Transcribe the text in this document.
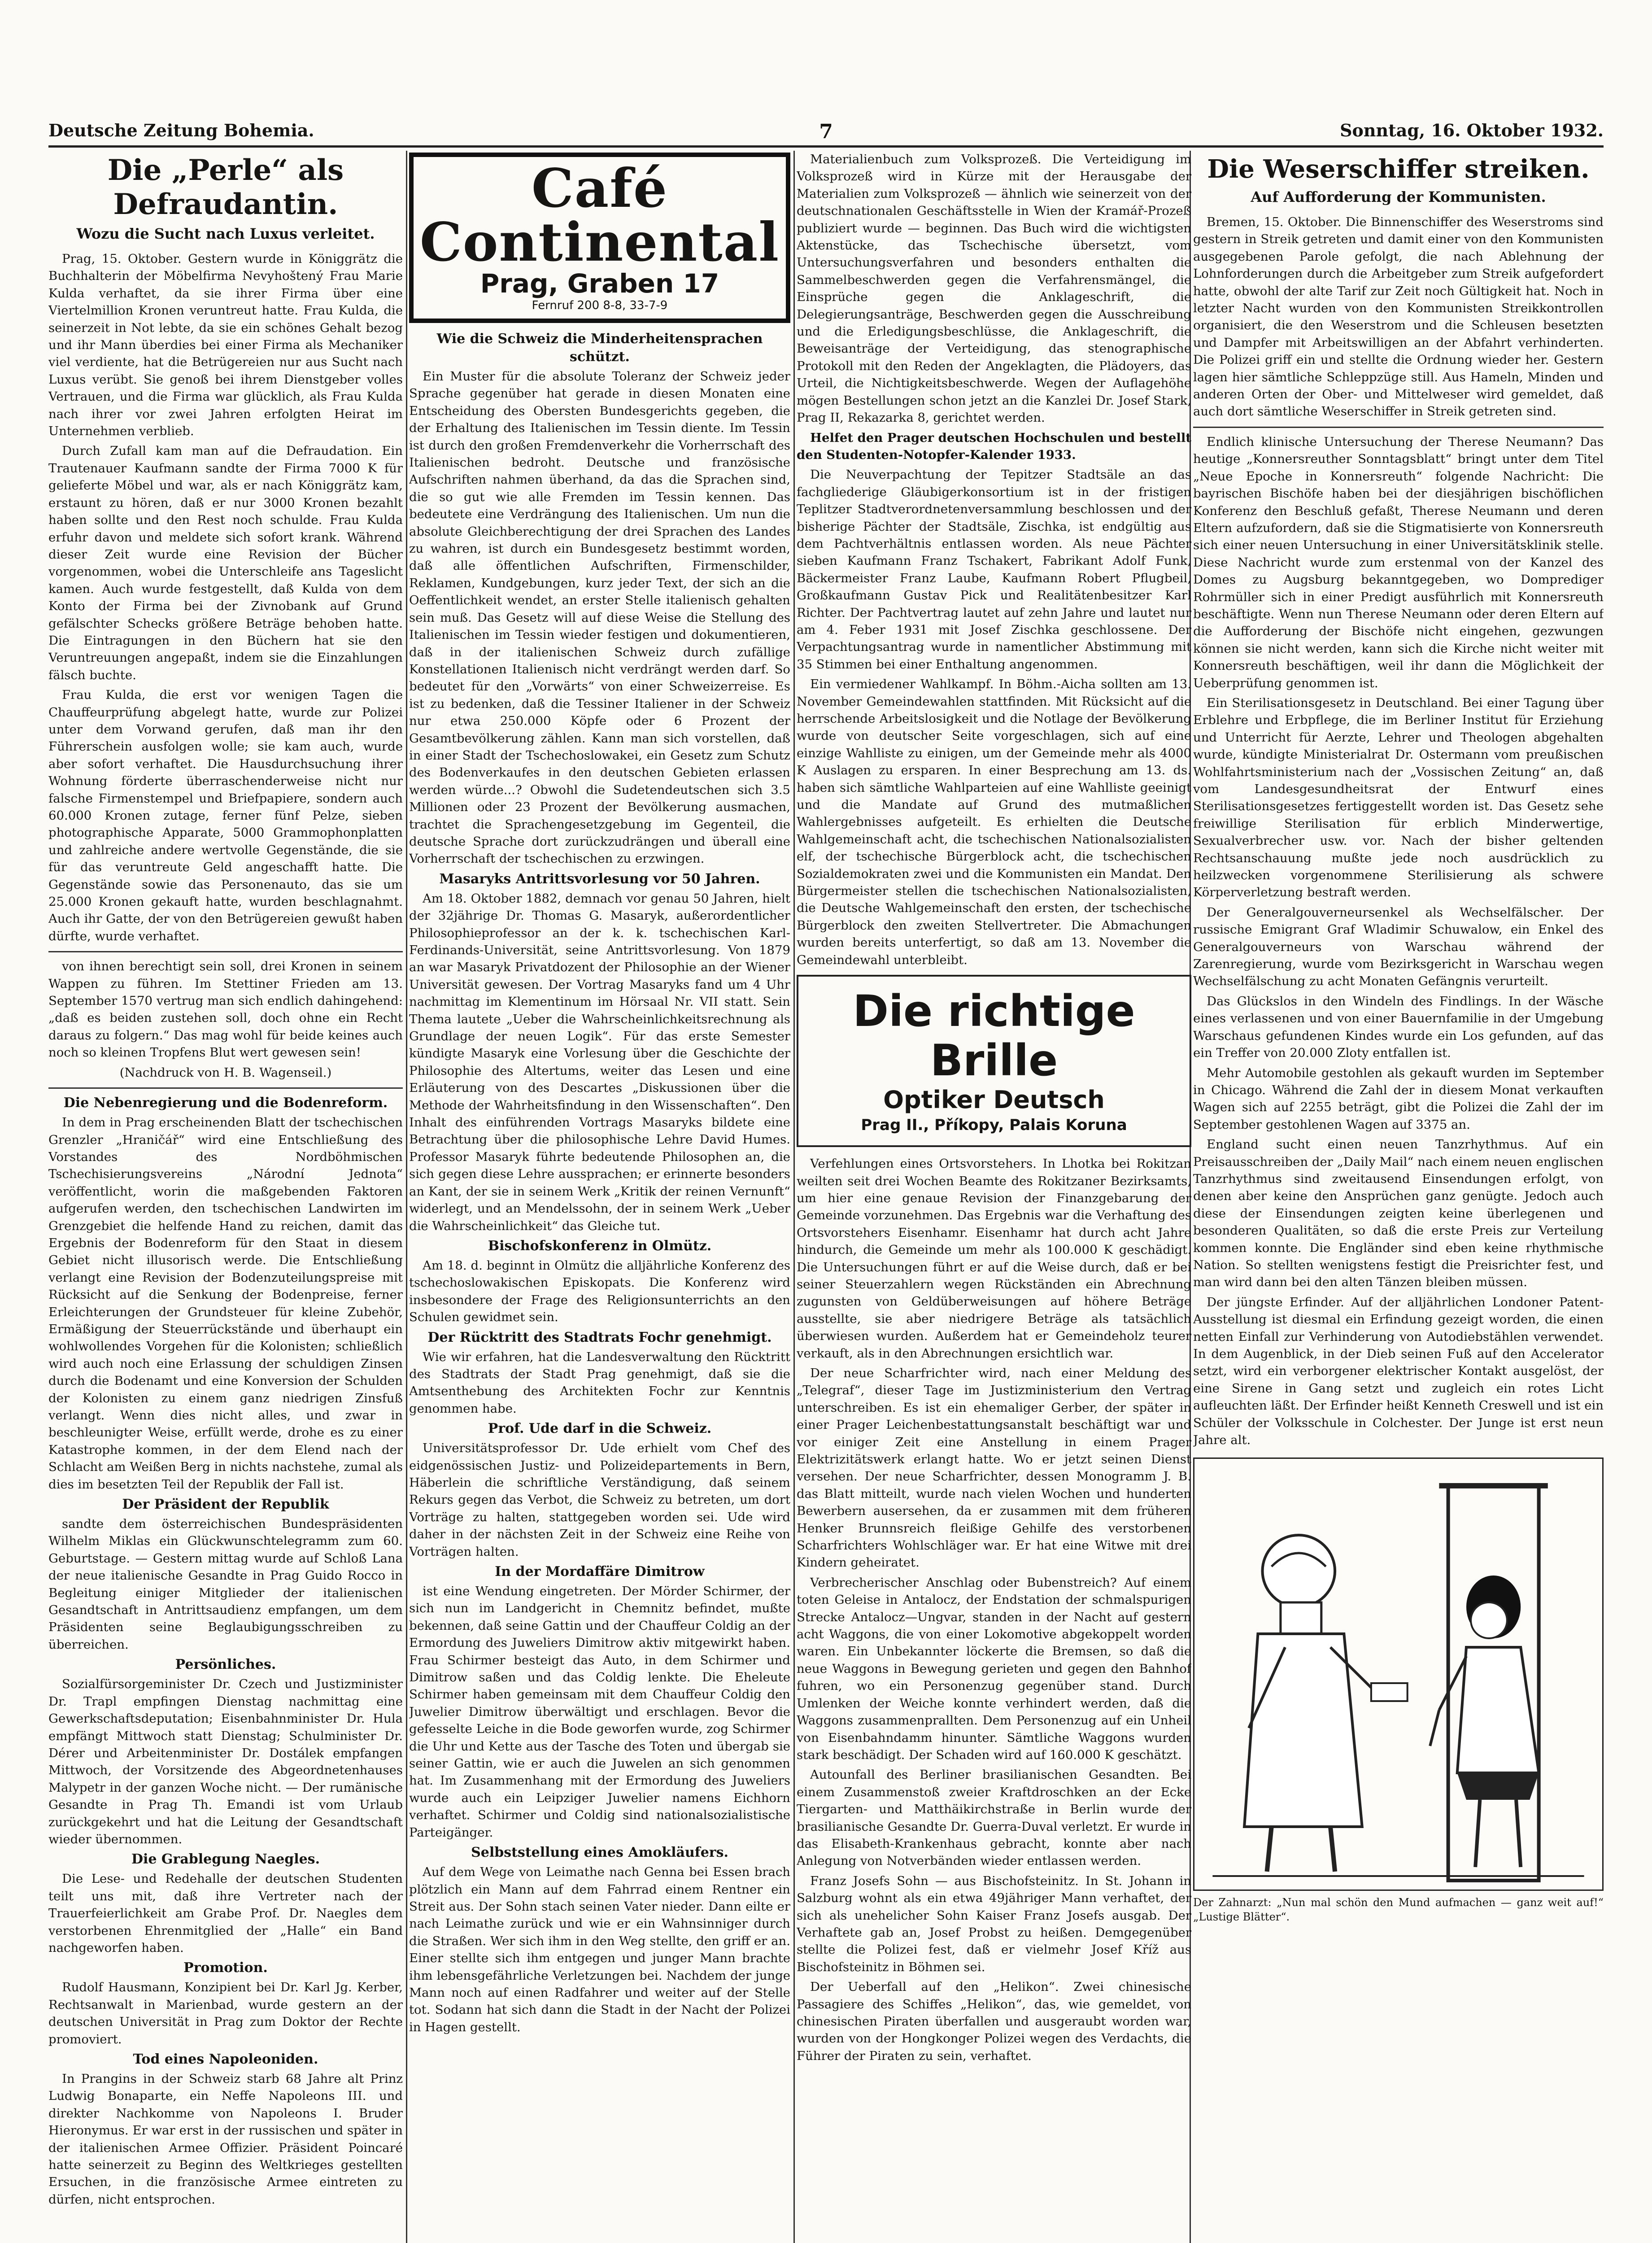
Deutsche Zeitung Bohemia.	7	Sonntag, 16. Oktober 1932.
Die „Perle“ als Defraudantin.
Wozu die Sucht nach Luxus verleitet.

Prag, 15. Oktober. Gestern wurde in Königgrätz die Buchhalterin der Möbelfirma Nevyhoštený Frau Marie Kulda verhaftet, da sie ihrer Firma über eine Viertelmillion Kronen veruntreut hatte. Frau Kulda, die seinerzeit in Not lebte, da sie ein schönes Gehalt bezog und ihr Mann überdies bei einer Firma als Mechaniker viel verdiente, hat die Betrügereien nur aus Sucht nach Luxus verübt. Sie genoß bei ihrem Dienstgeber volles Vertrauen, und die Firma war glücklich, als Frau Kulda nach ihrer vor zwei Jahren erfolgten Heirat im Unternehmen verblieb.

Durch Zufall kam man auf die Defraudation. Ein Trautenauer Kaufmann sandte der Firma 7000 K für gelieferte Möbel und war, als er nach Königgrätz kam, erstaunt zu hören, daß er nur 3000 Kronen bezahlt haben sollte und den Rest noch schulde. Frau Kulda erfuhr davon und meldete sich sofort krank. Während dieser Zeit wurde eine Revision der Bücher vorgenommen, wobei die Unterschleife ans Tageslicht kamen. Auch wurde festgestellt, daß Kulda von dem Konto der Firma bei der Zivnobank auf Grund gefälschter Schecks größere Beträge behoben hatte. Die Eintragungen in den Büchern hat sie den Veruntreuungen angepaßt, indem sie die Einzahlungen fälsch buchte.

Frau Kulda, die erst vor wenigen Tagen die Chauffeurprüfung abgelegt hatte, wurde zur Polizei unter dem Vorwand gerufen, daß man ihr den Führerschein ausfolgen wolle; sie kam auch, wurde aber sofort verhaftet. Die Hausdurchsuchung ihrer Wohnung förderte überraschenderweise nicht nur falsche Firmenstempel und Briefpapiere, sondern auch 60.000 Kronen zutage, ferner fünf Pelze, sieben photographische Apparate, 5000 Grammophonplatten und zahlreiche andere wertvolle Gegenstände, die sie für das veruntreute Geld angeschafft hatte. Die Gegenstände sowie das Personenauto, das sie um 25.000 Kronen gekauft hatte, wurden beschlagnahmt. Auch ihr Gatte, der von den Betrügereien gewußt haben dürfte, wurde verhaftet.

von ihnen berechtigt sein soll, drei Kronen in seinem Wappen zu führen. Im Stettiner Frieden am 13. September 1570 vertrug man sich endlich dahingehend: „daß es beiden zustehen soll, doch ohne ein Recht daraus zu folgern.“ Das mag wohl für beide keines auch noch so kleinen Tropfens Blut wert gewesen sein!

(Nachdruck von H. B. Wagenseil.)

Die Nebenregierung und die Bodenreform.

In dem in Prag erscheinenden Blatt der tschechischen Grenzler „Hraničář“ wird eine Entschließung des Vorstandes des Nordböhmischen Tschechisierungsvereins „Národní Jednota“ veröffentlicht, worin die maßgebenden Faktoren aufgerufen werden, den tschechischen Landwirten im Grenzgebiet die helfende Hand zu reichen, damit das Ergebnis der Bodenreform für den Staat in diesem Gebiet nicht illusorisch werde. Die Entschließung verlangt eine Revision der Bodenzuteilungspreise mit Rücksicht auf die Senkung der Bodenpreise, ferner Erleichterungen der Grundsteuer für kleine Zubehör, Ermäßigung der Steuerrückstände und überhaupt ein wohlwollendes Vorgehen für die Kolonisten; schließlich wird auch noch eine Erlassung der schuldigen Zinsen durch die Bodenamt und eine Konversion der Schulden der Kolonisten zu einem ganz niedrigen Zinsfuß verlangt. Wenn dies nicht alles, und zwar in beschleunigter Weise, erfüllt werde, drohe es zu einer Katastrophe kommen, in der dem Elend nach der Schlacht am Weißen Berg in nichts nachstehe, zumal als dies im besetzten Teil der Republik der Fall ist.

Der Präsident der Republik

sandte dem österreichischen Bundespräsidenten Wilhelm Miklas ein Glückwunschtelegramm zum 60. Geburtstage. — Gestern mittag wurde auf Schloß Lana der neue italienische Gesandte in Prag Guido Rocco in Begleitung einiger Mitglieder der italienischen Gesandtschaft in Antrittsaudienz empfangen, um dem Präsidenten seine Beglaubigungsschreiben zu überreichen.

Persönliches.

Sozialfürsorgeminister Dr. Czech und Justizminister Dr. Trapl empfingen Dienstag nachmittag eine Gewerkschaftsdeputation; Eisenbahnminister Dr. Hula empfängt Mittwoch statt Dienstag; Schulminister Dr. Dérer und Arbeitenminister Dr. Dostálek empfangen Mittwoch, der Vorsitzende des Abgeordnetenhauses Malypetr in der ganzen Woche nicht. — Der rumänische Gesandte in Prag Th. Emandi ist vom Urlaub zurückgekehrt und hat die Leitung der Gesandtschaft wieder übernommen.

Die Grablegung Naegles.

Die Lese- und Redehalle der deutschen Studenten teilt uns mit, daß ihre Vertreter nach der Trauerfeierlichkeit am Grabe Prof. Dr. Naegles dem verstorbenen Ehrenmitglied der „Halle“ ein Band nachgeworfen haben.

Promotion.

Rudolf Hausmann, Konzipient bei Dr. Karl Jg. Kerber, Rechtsanwalt in Marienbad, wurde gestern an der deutschen Universität in Prag zum Doktor der Rechte promoviert.

Tod eines Napoleoniden.

In Prangins in der Schweiz starb 68 Jahre alt Prinz Ludwig Bonaparte, ein Neffe Napoleons III. und direkter Nachkomme von Napoleons I. Bruder Hieronymus. Er war erst in der russischen und später in der italienischen Armee Offizier. Präsident Poincaré hatte seinerzeit zu Beginn des Weltkrieges gestellten Ersuchen, in die französische Armee eintreten zu dürfen, nicht entsprochen.

Café Continental
Prag, Graben 17
Fernruf 200 8-8, 33-7-9
Wie die Schweiz die Minderheitensprachen schützt.

Ein Muster für die absolute Toleranz der Schweiz jeder Sprache gegenüber hat gerade in diesen Monaten eine Entscheidung des Obersten Bundesgerichts gegeben, die der Erhaltung des Italienischen im Tessin diente. Im Tessin ist durch den großen Fremdenverkehr die Vorherrschaft des Italienischen bedroht. Deutsche und französische Aufschriften nahmen überhand, da das die Sprachen sind, die so gut wie alle Fremden im Tessin kennen. Das bedeutete eine Verdrängung des Italienischen. Um nun die absolute Gleichberechtigung der drei Sprachen des Landes zu wahren, ist durch ein Bundesgesetz bestimmt worden, daß alle öffentlichen Aufschriften, Firmenschilder, Reklamen, Kundgebungen, kurz jeder Text, der sich an die Oeffentlichkeit wendet, an erster Stelle italienisch gehalten sein muß. Das Gesetz will auf diese Weise die Stellung des Italienischen im Tessin wieder festigen und dokumentieren, daß in der italienischen Schweiz durch zufällige Konstellationen Italienisch nicht verdrängt werden darf. So bedeutet für den „Vorwärts“ von einer Schweizerreise. Es ist zu bedenken, daß die Tessiner Italiener in der Schweiz nur etwa 250.000 Köpfe oder 6 Prozent der Gesamtbevölkerung zählen. Kann man sich vorstellen, daß in einer Stadt der Tschechoslowakei, ein Gesetz zum Schutz des Bodenverkaufes in den deutschen Gebieten erlassen werden würde...? Obwohl die Sudetendeutschen sich 3.5 Millionen oder 23 Prozent der Bevölkerung ausmachen, trachtet die Sprachengesetzgebung im Gegenteil, die deutsche Sprache dort zurückzudrängen und überall eine Vorherrschaft der tschechischen zu erzwingen.

Masaryks Antrittsvorlesung vor 50 Jahren.

Am 18. Oktober 1882, demnach vor genau 50 Jahren, hielt der 32jährige Dr. Thomas G. Masaryk, außerordentlicher Philosophieprofessor an der k. k. tschechischen Karl-Ferdinands-Universität, seine Antrittsvorlesung. Von 1879 an war Masaryk Privatdozent der Philosophie an der Wiener Universität gewesen. Der Vortrag Masaryks fand um 4 Uhr nachmittag im Klementinum im Hörsaal Nr. VII statt. Sein Thema lautete „Ueber die Wahrscheinlichkeitsrechnung als Grundlage der neuen Logik“. Für das erste Semester kündigte Masaryk eine Vorlesung über die Geschichte der Philosophie des Altertums, weiter das Lesen und eine Erläuterung von des Descartes „Diskussionen über die Methode der Wahrheitsfindung in den Wissenschaften“. Den Inhalt des einführenden Vortrags Masaryks bildete eine Betrachtung über die philosophische Lehre David Humes. Professor Masaryk führte bedeutende Philosophen an, die sich gegen diese Lehre aussprachen; er erinnerte besonders an Kant, der sie in seinem Werk „Kritik der reinen Vernunft“ widerlegt, und an Mendelssohn, der in seinem Werk „Ueber die Wahrscheinlichkeit“ das Gleiche tut.

Bischofskonferenz in Olmütz.

Am 18. d. beginnt in Olmütz die alljährliche Konferenz des tschechoslowakischen Episkopats. Die Konferenz wird insbesondere der Frage des Religionsunterrichts an den Schulen gewidmet sein.

Der Rücktritt des Stadtrats Fochr genehmigt.

Wie wir erfahren, hat die Landesverwaltung den Rücktritt des Stadtrats der Stadt Prag genehmigt, daß sie die Amtsenthebung des Architekten Fochr zur Kenntnis genommen habe.

Prof. Ude darf in die Schweiz.

Universitätsprofessor Dr. Ude erhielt vom Chef des eidgenössischen Justiz- und Polizeidepartements in Bern, Häberlein die schriftliche Verständigung, daß seinem Rekurs gegen das Verbot, die Schweiz zu betreten, um dort Vorträge zu halten, stattgegeben worden sei. Ude wird daher in der nächsten Zeit in der Schweiz eine Reihe von Vorträgen halten.

In der Mordaffäre Dimitrow

ist eine Wendung eingetreten. Der Mörder Schirmer, der sich nun im Landgericht in Chemnitz befindet, mußte bekennen, daß seine Gattin und der Chauffeur Coldig an der Ermordung des Juweliers Dimitrow aktiv mitgewirkt haben. Frau Schirmer besteigt das Auto, in dem Schirmer und Dimitrow saßen und das Coldig lenkte. Die Eheleute Schirmer haben gemeinsam mit dem Chauffeur Coldig den Juwelier Dimitrow überwältigt und erschlagen. Bevor die gefesselte Leiche in die Bode geworfen wurde, zog Schirmer die Uhr und Kette aus der Tasche des Toten und übergab sie seiner Gattin, wie er auch die Juwelen an sich genommen hat. Im Zusammenhang mit der Ermordung des Juweliers wurde auch ein Leipziger Juwelier namens Eichhorn verhaftet. Schirmer und Coldig sind nationalsozialistische Parteigänger.

Selbststellung eines Amokläufers.

Auf dem Wege von Leimathe nach Genna bei Essen brach plötzlich ein Mann auf dem Fahrrad einem Rentner ein Streit aus. Der Sohn stach seinen Vater nieder. Dann eilte er nach Leimathe zurück und wie er ein Wahnsinniger durch die Straßen. Wer sich ihm in den Weg stellte, den griff er an. Einer stellte sich ihm entgegen und junger Mann brachte ihm lebensgefährliche Verletzungen bei. Nachdem der junge Mann noch auf einen Radfahrer und weiter auf der Stelle tot. Sodann hat sich dann die Stadt in der Nacht der Polizei in Hagen gestellt.

Materialienbuch zum Volksprozeß. Die Verteidigung im Volksprozeß wird in Kürze mit der Herausgabe der Materialien zum Volksprozeß — ähnlich wie seinerzeit von der deutschnationalen Geschäftsstelle in Wien der Kramář-Prozeß publiziert wurde — beginnen. Das Buch wird die wichtigsten Aktenstücke, das Tschechische übersetzt, vom Untersuchungsverfahren und besonders enthalten die Sammelbeschwerden gegen die Verfahrensmängel, die Einsprüche gegen die Anklageschrift, die Delegierungsanträge, Beschwerden gegen die Ausschreibung und die Erledigungsbeschlüsse, die Anklageschrift, die Beweisanträge der Verteidigung, das stenographische Protokoll mit den Reden der Angeklagten, die Plädoyers, das Urteil, die Nichtigkeitsbeschwerde. Wegen der Auflagehöhe mögen Bestellungen schon jetzt an die Kanzlei Dr. Josef Stark, Prag II, Rekazarka 8, gerichtet werden.

Helfet den Prager deutschen Hochschulen und bestellt den Studenten-Notopfer-Kalender 1933.

Die Neuverpachtung der Tepitzer Stadtsäle an das fachgliederige Gläubigerkonsortium ist in der fristigen Teplitzer Stadtverordnetenversammlung beschlossen und der bisherige Pächter der Stadtsäle, Zischka, ist endgültig aus dem Pachtverhältnis entlassen worden. Als neue Pächter sieben Kaufmann Franz Tschakert, Fabrikant Adolf Funk, Bäckermeister Franz Laube, Kaufmann Robert Pflugbeil, Großkaufmann Gustav Pick und Realitätenbesitzer Karl Richter. Der Pachtvertrag lautet auf zehn Jahre und lautet nur am 4. Feber 1931 mit Josef Zischka geschlossene. Der Verpachtungsantrag wurde in namentlicher Abstimmung mit 35 Stimmen bei einer Enthaltung angenommen.

Ein vermiedener Wahlkampf. In Böhm.-Aicha sollten am 13. November Gemeindewahlen stattfinden. Mit Rücksicht auf die herrschende Arbeitslosigkeit und die Notlage der Bevölkerung wurde von deutscher Seite vorgeschlagen, sich auf eine einzige Wahlliste zu einigen, um der Gemeinde mehr als 4000 K Auslagen zu ersparen. In einer Besprechung am 13. ds. haben sich sämtliche Wahlparteien auf eine Wahlliste geeinigt und die Mandate auf Grund des mutmaßlichen Wahlergebnisses aufgeteilt. Es erhielten die Deutsche Wahlgemeinschaft acht, die tschechischen Nationalsozialisten elf, der tschechische Bürgerblock acht, die tschechischen Sozialdemokraten zwei und die Kommunisten ein Mandat. Den Bürgermeister stellen die tschechischen Nationalsozialisten, die Deutsche Wahlgemeinschaft den ersten, der tschechische Bürgerblock den zweiten Stellvertreter. Die Abmachungen wurden bereits unterfertigt, so daß am 13. November die Gemeindewahl unterbleibt.

Die richtige Brille
Optiker Deutsch
Prag II., Příkopy, Palais Koruna

Verfehlungen eines Ortsvorstehers. In Lhotka bei Rokitzan weilten seit drei Wochen Beamte des Rokitzaner Bezirksamts, um hier eine genaue Revision der Finanzgebarung der Gemeinde vorzunehmen. Das Ergebnis war die Verhaftung des Ortsvorstehers Eisenhamr. Eisenhamr hat durch acht Jahre hindurch, die Gemeinde um mehr als 100.000 K geschädigt. Die Untersuchungen führt er auf die Weise durch, daß er bei seiner Steuerzahlern wegen Rückständen ein Abrechnung zugunsten von Geldüberweisungen auf höhere Beträge ausstellte, sie aber niedrigere Beträge als tatsächlich überwiesen wurden. Außerdem hat er Gemeindeholz teurer verkauft, als in den Abrechnungen ersichtlich war.

Der neue Scharfrichter wird, nach einer Meldung des „Telegraf“, dieser Tage im Justizministerium den Vertrag unterschreiben. Es ist ein ehemaliger Gerber, der später in einer Prager Leichenbestattungsanstalt beschäftigt war und vor einiger Zeit eine Anstellung in einem Prager Elektrizitätswerk erlangt hatte. Wo er jetzt seinen Dienst versehen. Der neue Scharfrichter, dessen Monogramm J. B. das Blatt mitteilt, wurde nach vielen Wochen und hunderten Bewerbern ausersehen, da er zusammen mit dem früheren Henker Brunnsreich fleißige Gehilfe des verstorbenen Scharfrichters Wohlschläger war. Er hat eine Witwe mit drei Kindern geheiratet.

Verbrecherischer Anschlag oder Bubenstreich? Auf einem toten Geleise in Antalocz, der Endstation der schmalspurigen Strecke Antalocz—Ungvar, standen in der Nacht auf gestern acht Waggons, die von einer Lokomotive abgekoppelt worden waren. Ein Unbekannter löckerte die Bremsen, so daß die neue Waggons in Bewegung gerieten und gegen den Bahnhof fuhren, wo ein Personenzug gegenüber stand. Durch Umlenken der Weiche konnte verhindert werden, daß die Waggons zusammenprallten. Dem Personenzug auf ein Unheil von Eisenbahndamm hinunter. Sämtliche Waggons wurden stark beschädigt. Der Schaden wird auf 160.000 K geschätzt.

Autounfall des Berliner brasilianischen Gesandten. Bei einem Zusammenstoß zweier Kraftdroschken an der Ecke Tiergarten- und Matthäikirchstraße in Berlin wurde der brasilianische Gesandte Dr. Guerra-Duval verletzt. Er wurde in das Elisabeth-Krankenhaus gebracht, konnte aber nach Anlegung von Notverbänden wieder entlassen werden.

Franz Josefs Sohn — aus Bischofsteinitz. In St. Johann in Salzburg wohnt als ein etwa 49jähriger Mann verhaftet, der sich als unehelicher Sohn Kaiser Franz Josefs ausgab. Der Verhaftete gab an, Josef Probst zu heißen. Demgegenüber stellte die Polizei fest, daß er vielmehr Josef Kříž aus Bischofsteinitz in Böhmen sei.

Der Ueberfall auf den „Helikon“. Zwei chinesische Passagiere des Schiffes „Helikon“, das, wie gemeldet, von chinesischen Piraten überfallen und ausgeraubt worden war, wurden von der Hongkonger Polizei wegen des Verdachts, die Führer der Piraten zu sein, verhaftet.

Die Weserschiffer streiken.
Auf Aufforderung der Kommunisten.

Bremen, 15. Oktober. Die Binnenschiffer des Weserstroms sind gestern in Streik getreten und damit einer von den Kommunisten ausgegebenen Parole gefolgt, die nach Ablehnung der Lohnforderungen durch die Arbeitgeber zum Streik aufgefordert hatte, obwohl der alte Tarif zur Zeit noch Gültigkeit hat. Noch in letzter Nacht wurden von den Kommunisten Streikkontrollen organisiert, die den Weserstrom und die Schleusen besetzten und Dampfer mit Arbeitswilligen an der Abfahrt verhinderten. Die Polizei griff ein und stellte die Ordnung wieder her. Gestern lagen hier sämtliche Schleppzüge still. Aus Hameln, Minden und anderen Orten der Ober- und Mittelweser wird gemeldet, daß auch dort sämtliche Weserschiffer in Streik getreten sind.

Endlich klinische Untersuchung der Therese Neumann? Das heutige „Konnersreuther Sonntagsblatt“ bringt unter dem Titel „Neue Epoche in Konnersreuth“ folgende Nachricht: Die bayrischen Bischöfe haben bei der diesjährigen bischöflichen Konferenz den Beschluß gefaßt, Therese Neumann und deren Eltern aufzufordern, daß sie die Stigmatisierte von Konnersreuth sich einer neuen Untersuchung in einer Universitätsklinik stelle. Diese Nachricht wurde zum erstenmal von der Kanzel des Domes zu Augsburg bekanntgegeben, wo Domprediger Rohrmüller sich in einer Predigt ausführlich mit Konnersreuth beschäftigte. Wenn nun Therese Neumann oder deren Eltern auf die Aufforderung der Bischöfe nicht eingehen, gezwungen können sie nicht werden, kann sich die Kirche nicht weiter mit Konnersreuth beschäftigen, weil ihr dann die Möglichkeit der Ueberprüfung genommen ist.

Ein Sterilisationsgesetz in Deutschland. Bei einer Tagung über Erblehre und Erbpflege, die im Berliner Institut für Erziehung und Unterricht für Aerzte, Lehrer und Theologen abgehalten wurde, kündigte Ministerialrat Dr. Ostermann vom preußischen Wohlfahrtsministerium nach der „Vossischen Zeitung“ an, daß vom Landesgesundheitsrat der Entwurf eines Sterilisationsgesetzes fertiggestellt worden ist. Das Gesetz sehe freiwillige Sterilisation für erblich Minderwertige, Sexualverbrecher usw. vor. Nach der bisher geltenden Rechtsanschauung mußte jede noch ausdrücklich zu heilzwecken vorgenommene Sterilisierung als schwere Körperverletzung bestraft werden.

Der Generalgouverneursenkel als Wechselfälscher. Der russische Emigrant Graf Wladimir Schuwalow, ein Enkel des Generalgouverneurs von Warschau während der Zarenregierung, wurde vom Bezirksgericht in Warschau wegen Wechselfälschung zu acht Monaten Gefängnis verurteilt.

Das Glückslos in den Windeln des Findlings. In der Wäsche eines verlassenen und von einer Bauernfamilie in der Umgebung Warschaus gefundenen Kindes wurde ein Los gefunden, auf das ein Treffer von 20.000 Zloty entfallen ist.

Mehr Automobile gestohlen als gekauft wurden im September in Chicago. Während die Zahl der in diesem Monat verkauften Wagen sich auf 2255 beträgt, gibt die Polizei die Zahl der im September gestohlenen Wagen auf 3375 an.

England sucht einen neuen Tanzrhythmus. Auf ein Preisausschreiben der „Daily Mail“ nach einem neuen englischen Tanzrhythmus sind zweitausend Einsendungen erfolgt, von denen aber keine den Ansprüchen ganz genügte. Jedoch auch diese der Einsendungen zeigten keine überlegenen und besonderen Qualitäten, so daß die erste Preis zur Verteilung kommen konnte. Die Engländer sind eben keine rhythmische Nation. So stellten wenigstens festigt die Preisrichter fest, und man wird dann bei den alten Tänzen bleiben müssen.

Der jüngste Erfinder. Auf der alljährlichen Londoner Patent-Ausstellung ist diesmal ein Erfindung gezeigt worden, die einen netten Einfall zur Verhinderung von Autodiebstählen verwendet. In dem Augenblick, in der Dieb seinen Fuß auf den Accelerator setzt, wird ein verborgener elektrischer Kontakt ausgelöst, der eine Sirene in Gang setzt und zugleich ein rotes Licht aufleuchten läßt. Der Erfinder heißt Kenneth Creswell und ist ein Schüler der Volksschule in Colchester. Der Junge ist erst neun Jahre alt.

Der Zahnarzt: „Nun mal schön den Mund aufmachen — ganz weit auf!“ „Lustige Blätter“.
